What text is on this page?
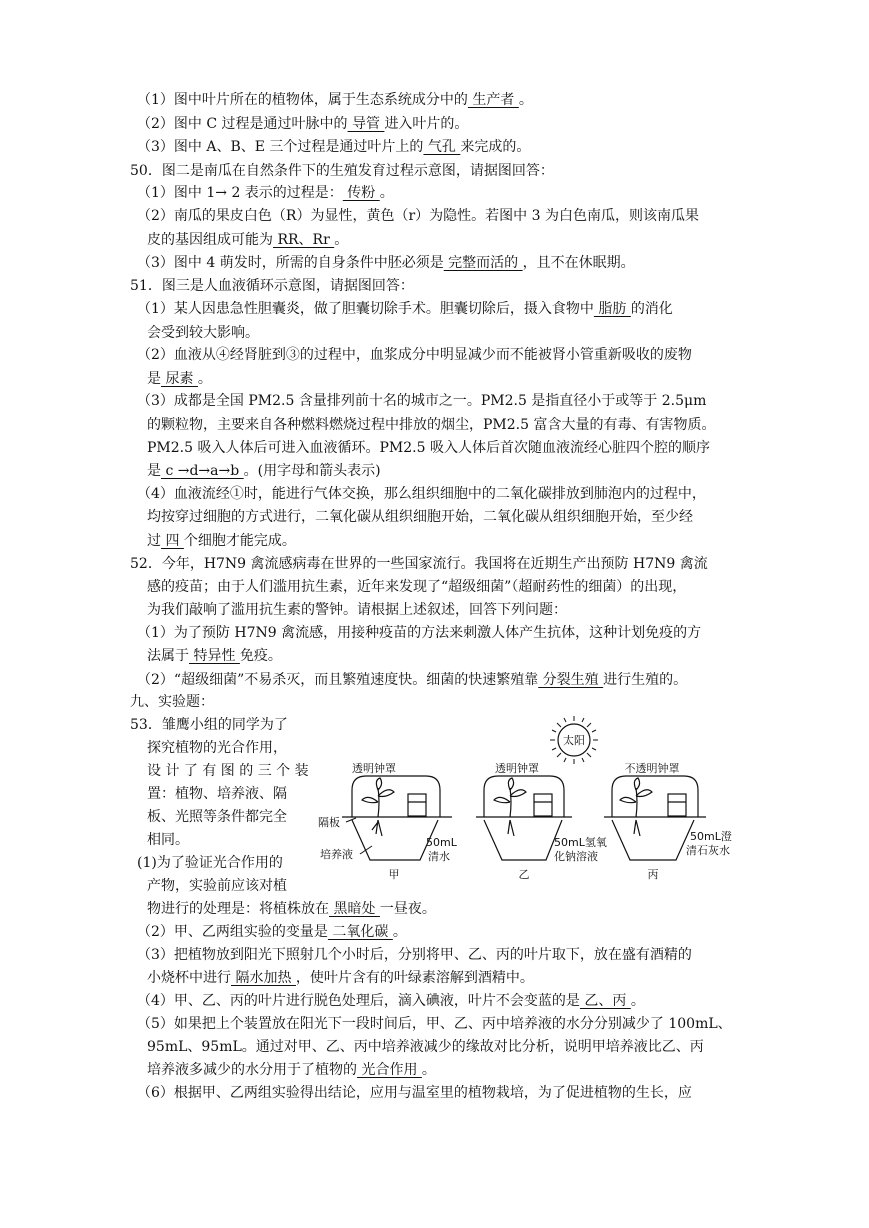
（1）图中叶片所在的植物体，属于生态系统成分中的 生产者 。
（2）图中 C 过程是通过叶脉中的 导管 进入叶片的。
（3）图中 A、B、E 三个过程是通过叶片上的 气孔 来完成的。
50．图二是南瓜在自然条件下的生殖发育过程示意图，请据图回答：
（1）图中 1→ 2 表示的过程是： 传粉 。
（2）南瓜的果皮白色（R）为显性，黄色（r）为隐性。若图中 3 为白色南瓜，则该南瓜果
皮的基因组成可能为 RR、Rr 。
（3）图中 4 萌发时，所需的自身条件中胚必须是 完整而活的 ，且不在休眠期。
51．图三是人血液循环示意图，请据图回答：
（1）某人因患急性胆囊炎，做了胆囊切除手术。胆囊切除后，摄入食物中 脂肪 的消化
会受到较大影响。
（2）血液从④经肾脏到③的过程中，血浆成分中明显减少而不能被肾小管重新吸收的废物
是 尿素 。
（3）成都是全国 PM2.5 含量排列前十名的城市之一。PM2.5 是指直径小于或等于 2.5μm
的颗粒物，主要来自各种燃料燃烧过程中排放的烟尘，PM2.5 富含大量的有毒、有害物质。
PM2.5 吸入人体后可进入血液循环。PM2.5 吸入人体后首次随血液流经心脏四个腔的顺序
是 c →d→a→b 。(用字母和箭头表示)
（4）血液流经①时，能进行气体交换，那么组织细胞中的二氧化碳排放到肺泡内的过程中，
均按穿过细胞的方式进行，二氧化碳从组织细胞开始，二氧化碳从组织细胞开始，至少经
过 四 个细胞才能完成。
52．今年，H7N9 禽流感病毒在世界的一些国家流行。我国将在近期生产出预防 H7N9 禽流
感的疫苗；由于人们滥用抗生素，近年来发现了“超级细菌”（超耐药性的细菌）的出现，
为我们敲响了滥用抗生素的警钟。请根据上述叙述，回答下列问题：
（1）为了预防 H7N9 禽流感，用接种疫苗的方法来刺激人体产生抗体，这种计划免疫的方
法属于 特异性 免疫。
（2）“超级细菌”不易杀灭，而且繁殖速度快。细菌的快速繁殖靠 分裂生殖 进行生殖的。
九、实验题：
53．雏鹰小组的同学为了
探究植物的光合作用，
设 计 了 有 图 的 三 个 装
置：植物、培养液、隔
板、光照等条件都完全
相同。
(1)为了验证光合作用的
产物，实验前应该对植
物进行的处理是：将植株放在 黑暗处 一昼夜。
（2）甲、乙两组实验的变量是 二氧化碳 。
（3）把植物放到阳光下照射几个小时后，分别将甲、乙、丙的叶片取下，放在盛有酒精的
小烧杯中进行 隔水加热 ，使叶片含有的叶绿素溶解到酒精中。
（4）甲、乙、丙的叶片进行脱色处理后，滴入碘液，叶片不会变蓝的是 乙、丙 。
（5）如果把上个装置放在阳光下一段时间后，甲、乙、丙中培养液的水分分别减少了 100mL、
95mL、95mL。通过对甲、乙、丙中培养液减少的缘故对比分析，说明甲培养液比乙、丙
培养液多减少的水分用于了植物的 光合作用 。
（6）根据甲、乙两组实验得出结论，应用与温室里的植物栽培，为了促进植物的生长，应
太阳
透明钟罩	透明钟罩	不透明钟罩
隔板
培养液
50mL
清水
50mL氢氧
化钠溶液
50mL澄
清石灰水
甲	乙	丙
